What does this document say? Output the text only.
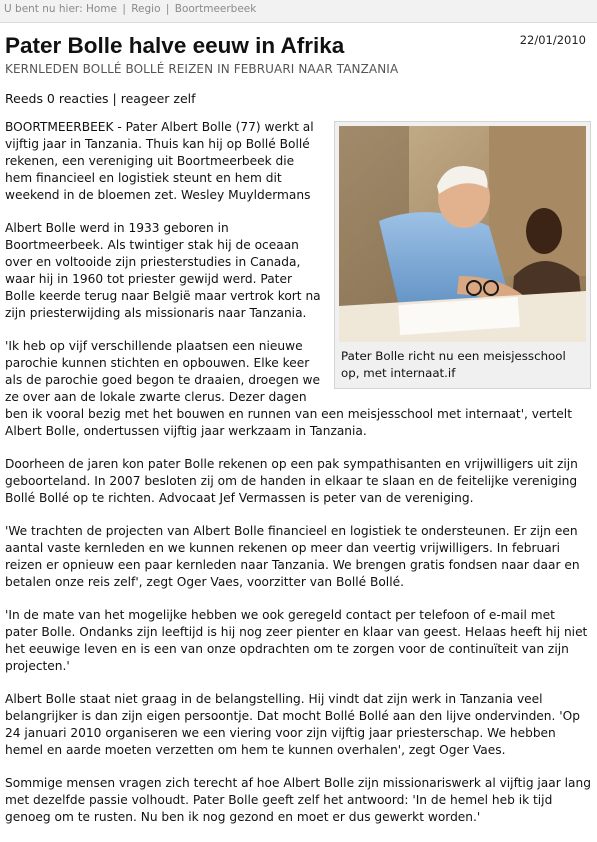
U bent nu hier: Home | Regio | Boortmeerbeek
Pater Bolle halve eeuw in Afrika	22/01/2010
KERNLEDEN BOLLÉ BOLLÉ REIZEN IN FEBRUARI NAAR TANZANIA
Reeds 0 reacties | reageer zelf
Pater Bolle richt nu een meisjesschool op, met internaat.if

BOORTMEERBEEK - Pater Albert Bolle (77) werkt al vijftig jaar in Tanzania. Thuis kan hij op Bollé Bollé rekenen, een vereniging uit Boortmeerbeek die hem financieel en logistiek steunt en hem dit weekend in de bloemen zet. Wesley Muyldermans

Albert Bolle werd in 1933 geboren in Boortmeerbeek. Als twintiger stak hij de oceaan over en voltooide zijn priesterstudies in Canada, waar hij in 1960 tot priester gewijd werd. Pater Bolle keerde terug naar België maar vertrok kort na zijn priesterwijding als missionaris naar Tanzania.

'Ik heb op vijf verschillende plaatsen een nieuwe parochie kunnen stichten en opbouwen. Elke keer als de parochie goed begon te draaien, droegen we ze over aan de lokale zwarte clerus. Dezer dagen ben ik vooral bezig met het bouwen en runnen van een meisjesschool met internaat', vertelt Albert Bolle, ondertussen vijftig jaar werkzaam in Tanzania.

Doorheen de jaren kon pater Bolle rekenen op een pak sympathisanten en vrijwilligers uit zijn geboorteland. In 2007 besloten zij om de handen in elkaar te slaan en de feitelijke vereniging Bollé Bollé op te richten. Advocaat Jef Vermassen is peter van de vereniging.

'We trachten de projecten van Albert Bolle financieel en logistiek te ondersteunen. Er zijn een aantal vaste kernleden en we kunnen rekenen op meer dan veertig vrijwilligers. In februari reizen er opnieuw een paar kernleden naar Tanzania. We brengen gratis fondsen naar daar en betalen onze reis zelf', zegt Oger Vaes, voorzitter van Bollé Bollé.

'In de mate van het mogelijke hebben we ook geregeld contact per telefoon of e-mail met pater Bolle. Ondanks zijn leeftijd is hij nog zeer pienter en klaar van geest. Helaas heeft hij niet het eeuwige leven en is een van onze opdrachten om te zorgen voor de continuïteit van zijn projecten.'

Albert Bolle staat niet graag in de belangstelling. Hij vindt dat zijn werk in Tanzania veel belangrijker is dan zijn eigen persoontje. Dat mocht Bollé Bollé aan den lijve ondervinden. 'Op 24 januari 2010 organiseren we een viering voor zijn vijftig jaar priesterschap. We hebben hemel en aarde moeten verzetten om hem te kunnen overhalen', zegt Oger Vaes.

Sommige mensen vragen zich terecht af hoe Albert Bolle zijn missionariswerk al vijftig jaar lang met dezelfde passie volhoudt. Pater Bolle geeft zelf het antwoord: 'In de hemel heb ik tijd genoeg om te rusten. Nu ben ik nog gezond en moet er dus gewerkt worden.'
